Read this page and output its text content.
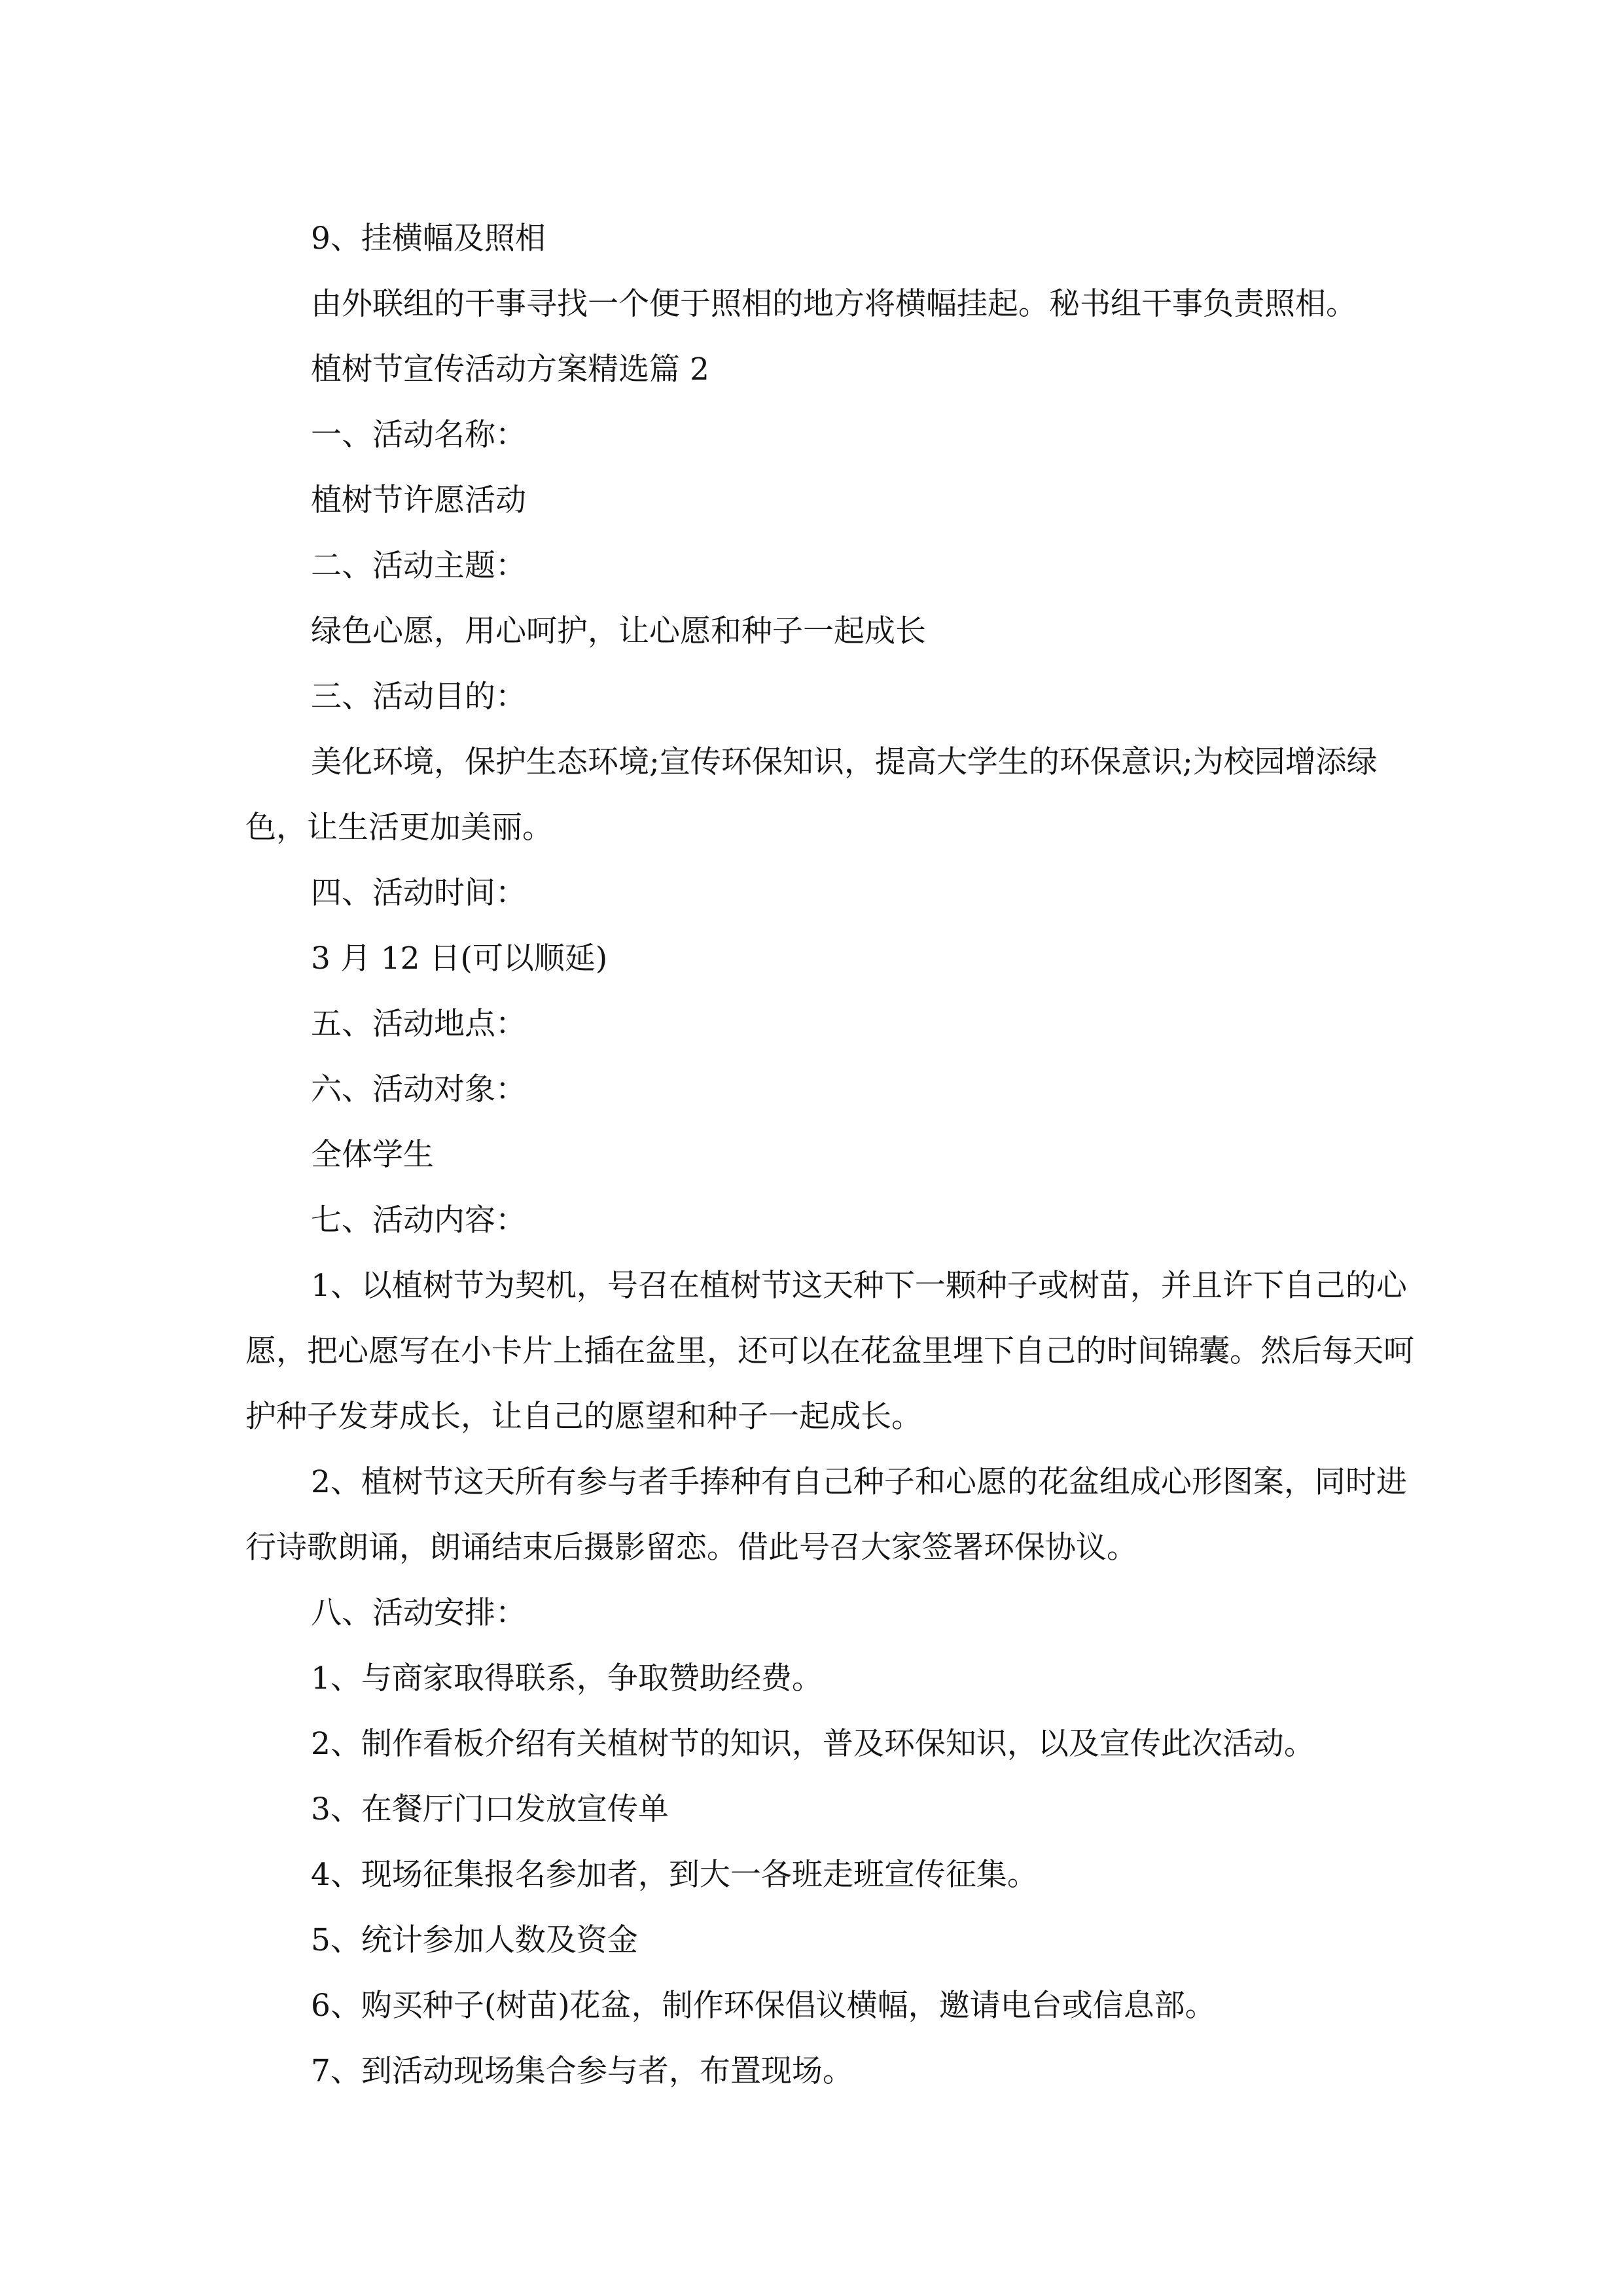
9、挂横幅及照相

由外联组的干事寻找一个便于照相的地方将横幅挂起。秘书组干事负责照相。

植树节宣传活动方案精选篇 2

一、活动名称：

植树节许愿活动

二、活动主题：

绿色心愿，用心呵护，让心愿和种子一起成长

三、活动目的：

美化环境，保护生态环境;宣传环保知识，提高大学生的环保意识;为校园增添绿色，让生活更加美丽。

四、活动时间：

3 月 12 日(可以顺延)

五、活动地点：

六、活动对象：

全体学生

七、活动内容：

1、以植树节为契机，号召在植树节这天种下一颗种子或树苗，并且许下自己的心愿，把心愿写在小卡片上插在盆里，还可以在花盆里埋下自己的时间锦囊。然后每天呵护种子发芽成长，让自己的愿望和种子一起成长。

2、植树节这天所有参与者手捧种有自己种子和心愿的花盆组成心形图案，同时进行诗歌朗诵，朗诵结束后摄影留恋。借此号召大家签署环保协议。

八、活动安排：

1、与商家取得联系，争取赞助经费。

2、制作看板介绍有关植树节的知识，普及环保知识，以及宣传此次活动。

3、在餐厅门口发放宣传单

4、现场征集报名参加者，到大一各班走班宣传征集。

5、统计参加人数及资金

6、购买种子(树苗)花盆，制作环保倡议横幅，邀请电台或信息部。

7、到活动现场集合参与者，布置现场。
